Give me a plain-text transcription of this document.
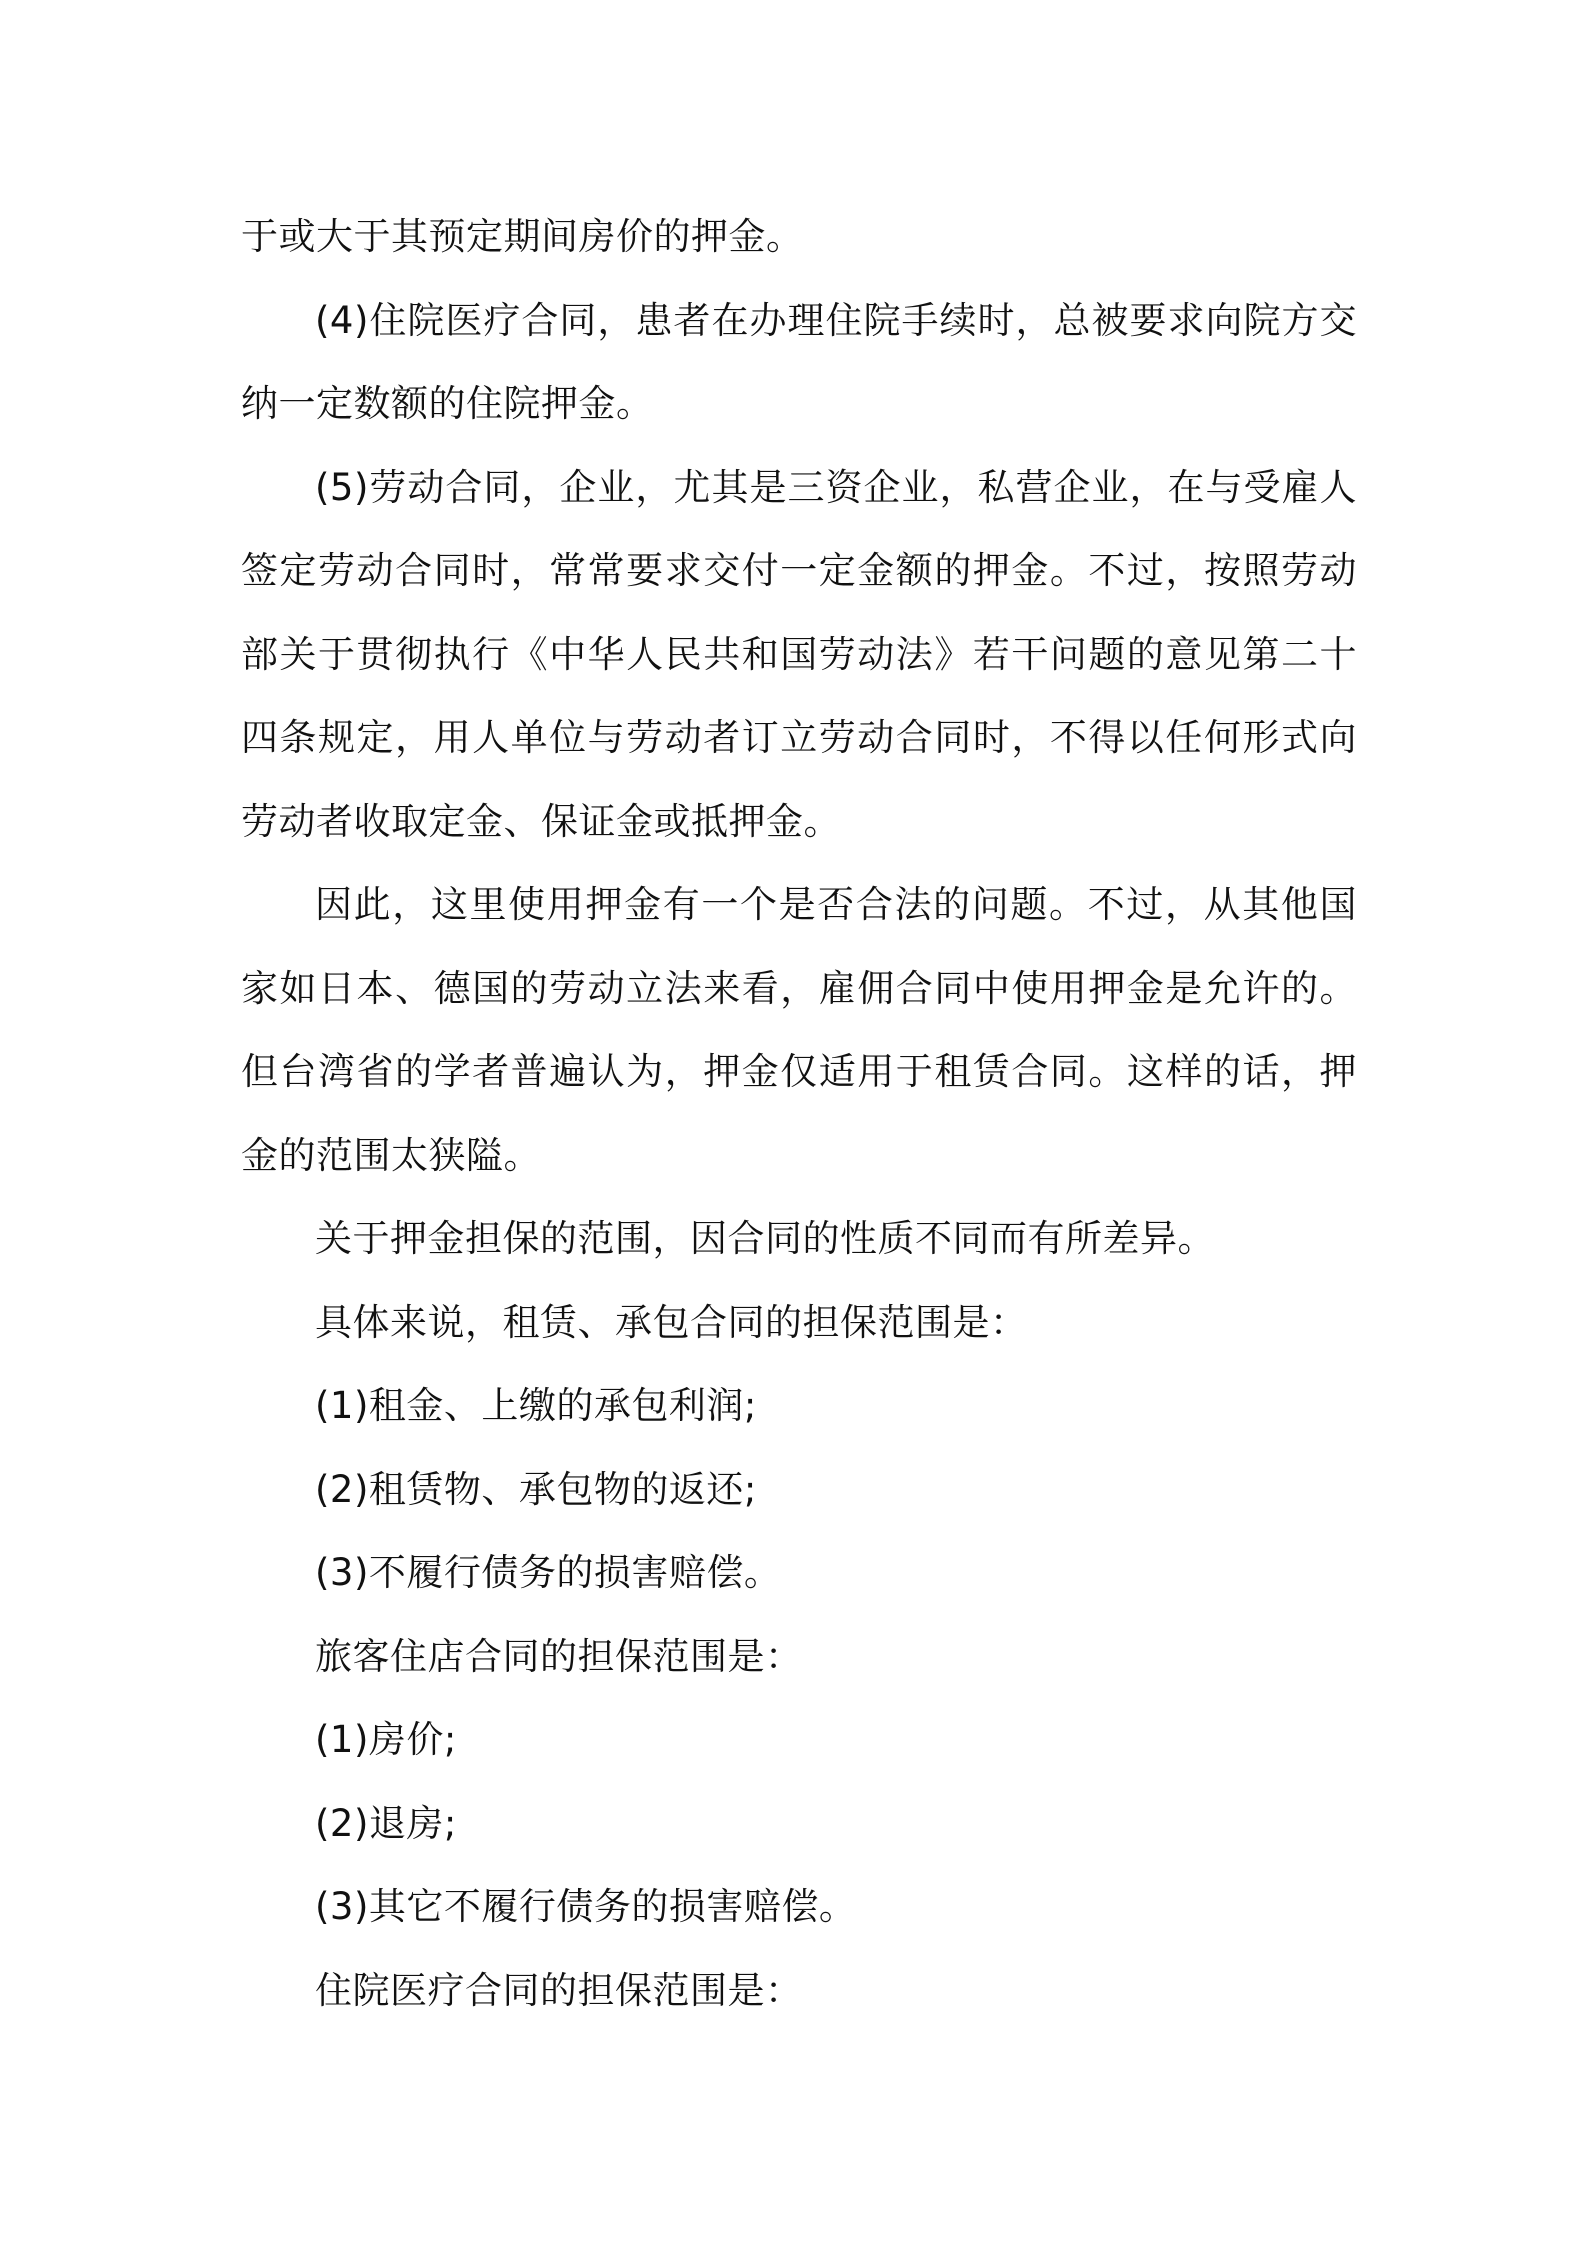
于或大于其预定期间房价的押金。

(4)住院医疗合同，患者在办理住院手续时，总被要求向院方交纳一定数额的住院押金。

(5)劳动合同，企业，尤其是三资企业，私营企业，在与受雇人签定劳动合同时，常常要求交付一定金额的押金。不过，按照劳动部关于贯彻执行《中华人民共和国劳动法》若干问题的意见第二十四条规定，用人单位与劳动者订立劳动合同时，不得以任何形式向劳动者收取定金、保证金或抵押金。

因此，这里使用押金有一个是否合法的问题。不过，从其他国家如日本、德国的劳动立法来看，雇佣合同中使用押金是允许的。但台湾省的学者普遍认为，押金仅适用于租赁合同。这样的话，押金的范围太狭隘。

关于押金担保的范围，因合同的性质不同而有所差异。

具体来说，租赁、承包合同的担保范围是：

(1)租金、上缴的承包利润;

(2)租赁物、承包物的返还;

(3)不履行债务的损害赔偿。

旅客住店合同的担保范围是：

(1)房价;

(2)退房;

(3)其它不履行债务的损害赔偿。

住院医疗合同的担保范围是：
